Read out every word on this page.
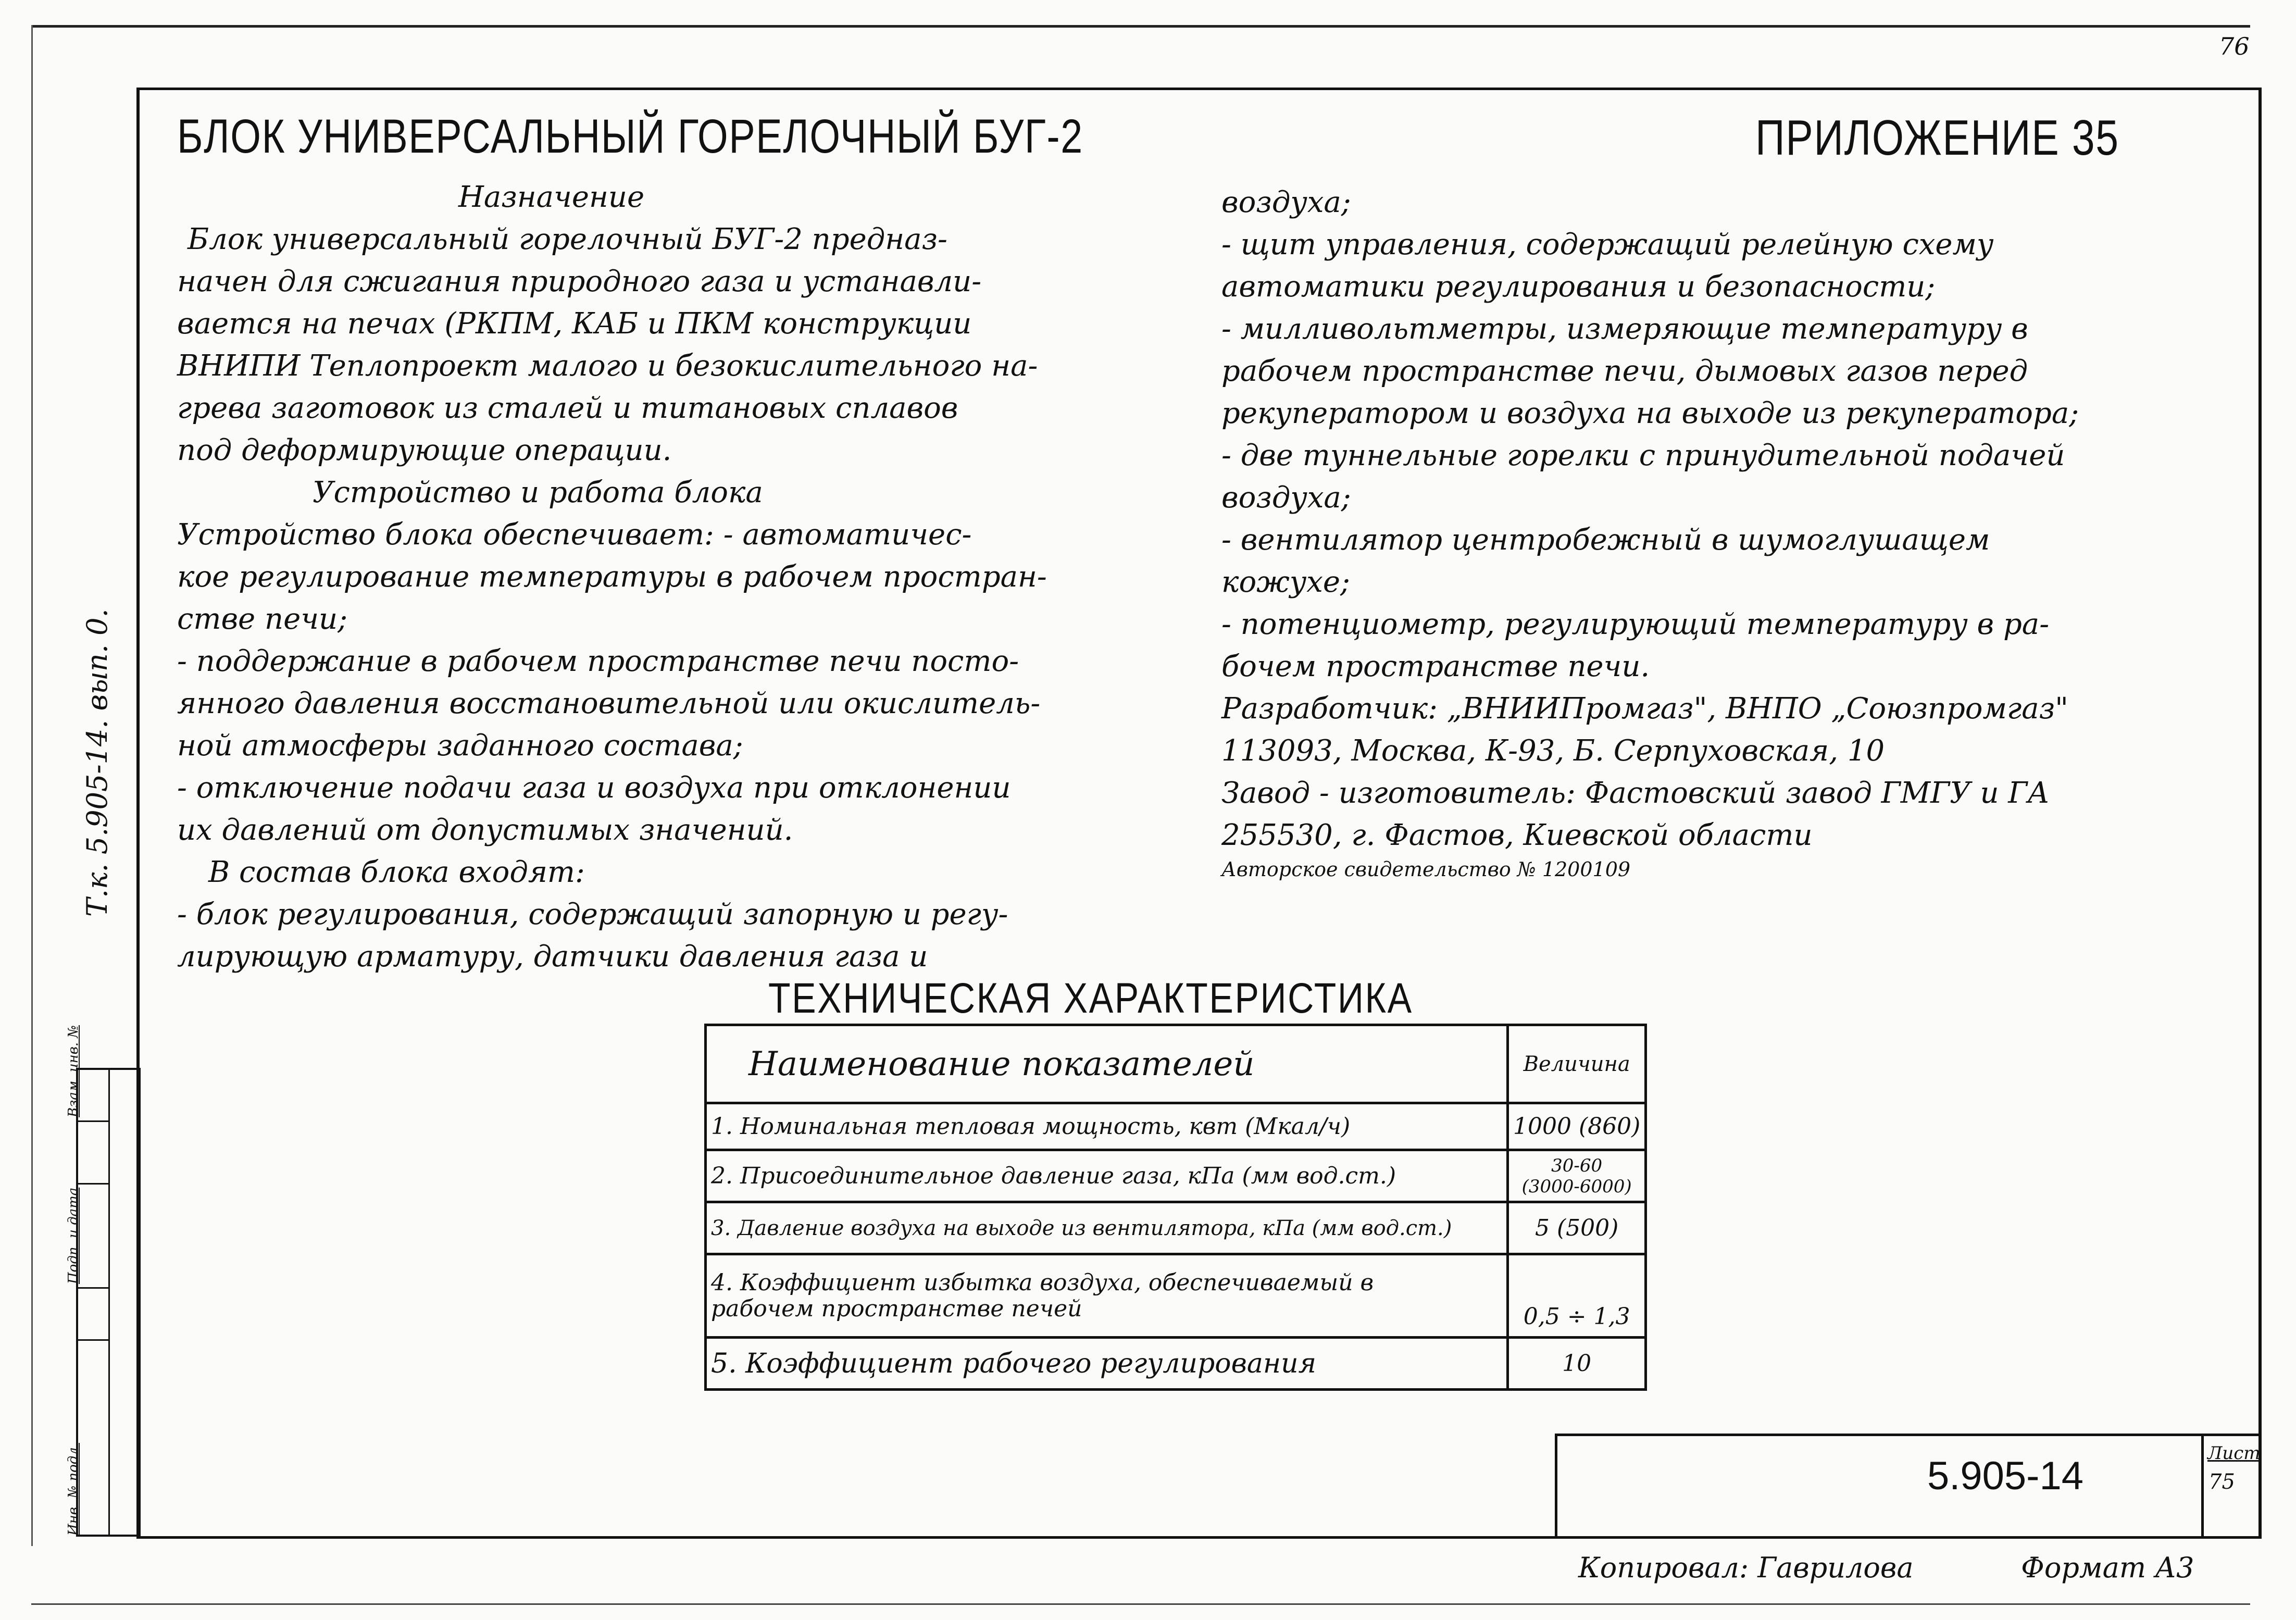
76
БЛОК УНИВЕРСАЛЬНЫЙ ГОРЕЛОЧНЫЙ БУГ-2	ПРИЛОЖЕНИЕ 35
Назначение
Блок универсальный горелочный БУГ-2 предназ-
начен для сжигания природного газа и устанавли-
вается на печах (РКПМ, КАБ и ПКМ конструкции
ВНИПИ Теплопроект малого и безокислительного на-
грева заготовок из сталей и титановых сплавов
под деформирующие операции.
Устройство и работа блока
Устройство блока обеспечивает: - автоматичес-
кое регулирование температуры в рабочем простран-
стве печи;
- поддержание в рабочем пространстве печи посто-
янного давления восстановительной или окислитель-
ной атмосферы заданного состава;
- отключение подачи газа и воздуха при отклонении
их давлений от допустимых значений.
В состав блока входят:
- блок регулирования, содержащий запорную и регу-
лирующую арматуру, датчики давления газа и
воздуха;
- щит управления, содержащий релейную схему
автоматики регулирования и безопасности;
- милливольтметры, измеряющие температуру в
рабочем пространстве печи, дымовых газов перед
рекуператором и воздуха на выходе из рекуператора;
- две туннельные горелки с принудительной подачей
воздуха;
- вентилятор центробежный в шумоглушащем
кожухе;
- потенциометр, регулирующий температуру в ра-
бочем пространстве печи.
Разработчик: „ВНИИПромгаз", ВНПО „Союзпромгаз"
113093, Москва, К-93, Б. Серпуховская, 10
Завод - изготовитель: Фастовский завод ГМГУ и ГА
255530, г. Фастов, Киевской области
Авторское свидетельство № 1200109
ТЕХНИЧЕСКАЯ ХАРАКТЕРИСТИКА
Наименование показателей	Величина
1. Номинальная тепловая мощность, квт (Мкал/ч)	1000 (860)
2. Присоединительное давление газа, кПа (мм вод.ст.)	30-60
(3000-6000)

3. Давление воздуха на выходе из вентилятора, кПа (мм вод.ст.)	5 (500)

4. Коэффициент избытка воздуха, обеспечиваемый в
рабочем пространстве печей	0,5 ÷ 1,3
5. Коэффициент рабочего регулирования	10
Т.к. 5.905-14. вып. 0.
Взам. инв. №
Подп. и дата
Инв. № подл.	5.905-14
Лист
75
Копировал: Гаврилова	Формат А3
